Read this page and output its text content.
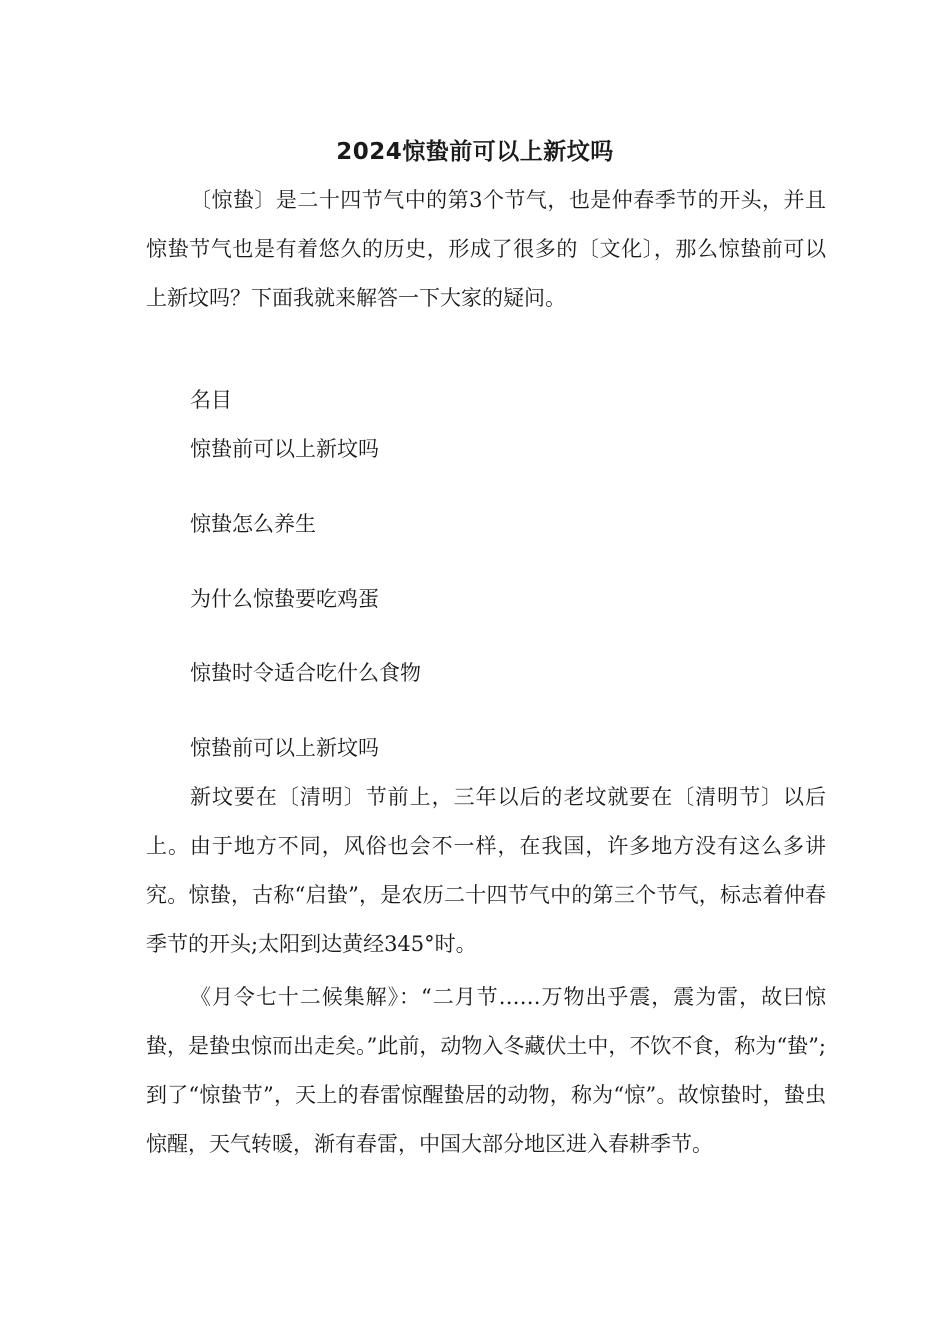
2024惊蛰前可以上新坟吗

〔惊蛰〕是二十四节气中的第3个节气，也是仲春季节的开头，并且惊蛰节气也是有着悠久的历史，形成了很多的〔文化〕，那么惊蛰前可以上新坟吗？下面我就来解答一下大家的疑问。

名目
惊蛰前可以上新坟吗
惊蛰怎么养生
为什么惊蛰要吃鸡蛋
惊蛰时令适合吃什么食物
惊蛰前可以上新坟吗

新坟要在〔清明〕节前上，三年以后的老坟就要在〔清明节〕以后上。由于地方不同，风俗也会不一样，在我国，许多地方没有这么多讲究。惊蛰，古称“启蛰”，是农历二十四节气中的第三个节气，标志着仲春季节的开头;太阳到达黄经345°时。

《月令七十二候集解》：“二月节……万物出乎震，震为雷，故曰惊蛰，是蛰虫惊而出走矣。”此前，动物入冬藏伏土中，不饮不食，称为“蛰”;到了“惊蛰节”，天上的春雷惊醒蛰居的动物，称为“惊”。故惊蛰时，蛰虫惊醒，天气转暖，渐有春雷，中国大部分地区进入春耕季节。
